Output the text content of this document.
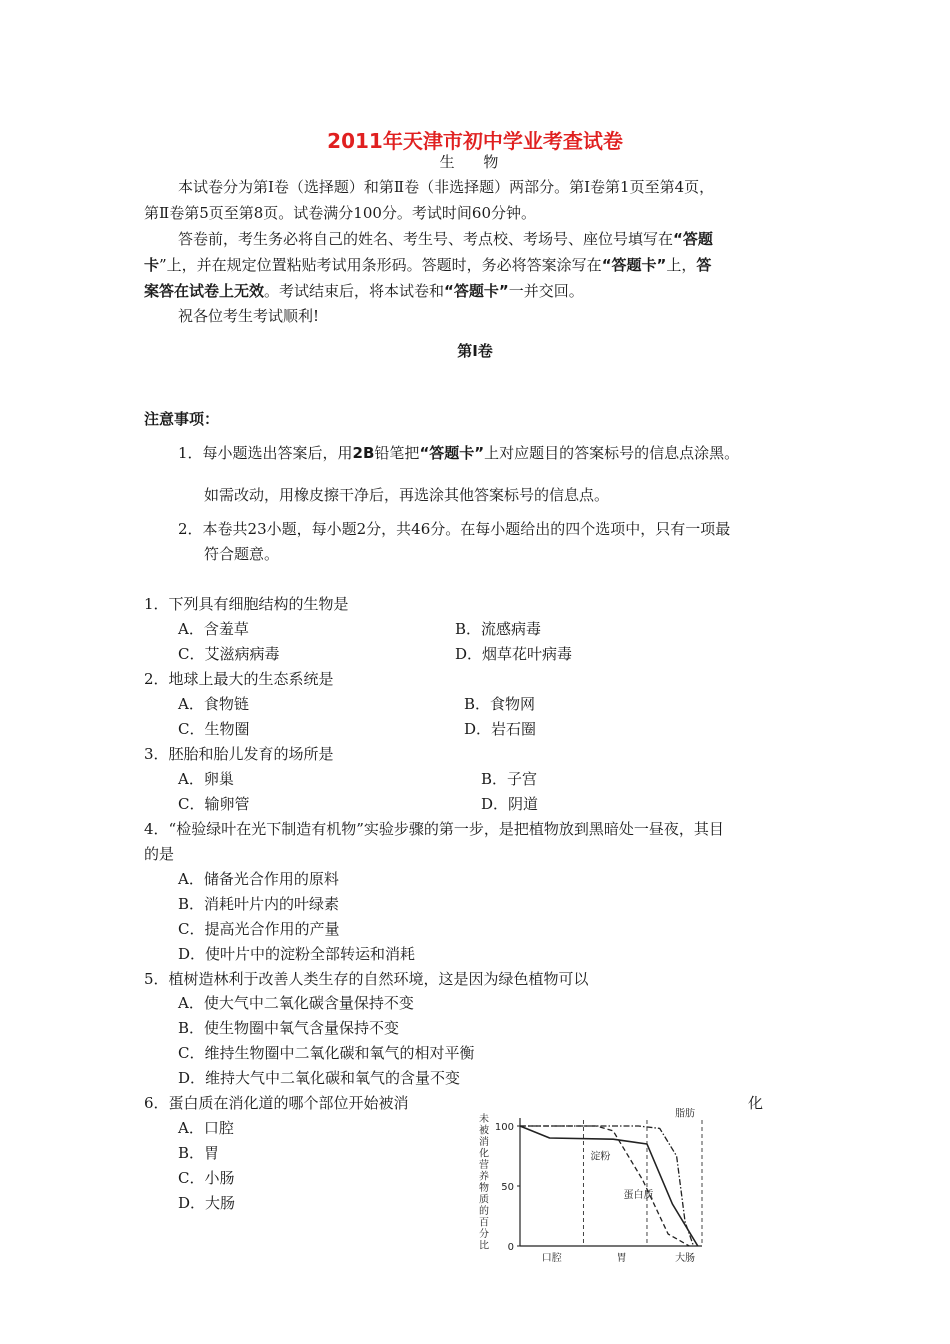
2011年天津市初中学业考查试卷
生 物
本试卷分为第Ⅰ卷（选择题）和第Ⅱ卷（非选择题）两部分。第Ⅰ卷第1页至第4页，
第Ⅱ卷第5页至第8页。试卷满分100分。考试时间60分钟。
答卷前，考生务必将自己的姓名、考生号、考点校、考场号、座位号填写在“答题
卡”上，并在规定位置粘贴考试用条形码。答题时，务必将答案涂写在“答题卡”上，答
案答在试卷上无效。考试结束后，将本试卷和“答题卡”一并交回。
祝各位考生考试顺利!
第Ⅰ卷
注意事项：
1．每小题选出答案后，用2B铅笔把“答题卡”上对应题目的答案标号的信息点涂黑。
如需改动，用橡皮擦干净后，再选涂其他答案标号的信息点。
2．本卷共23小题，每小题2分，共46分。在每小题给出的四个选项中，只有一项最
符合题意。
1．下列具有细胞结构的生物是
A．含羞草	B．流感病毒
C．艾滋病病毒	D．烟草花叶病毒
2．地球上最大的生态系统是
A．食物链	B．食物网
C．生物圈	D．岩石圈
3．胚胎和胎儿发育的场所是
A．卵巢	B．子宫
C．输卵管	D．阴道
4．“检验绿叶在光下制造有机物”实验步骤的第一步，是把植物放到黑暗处一昼夜，其目
的是
A．储备光合作用的原料
B．消耗叶片内的叶绿素
C．提高光合作用的产量
D．使叶片中的淀粉全部转运和消耗
5．植树造林利于改善人类生存的自然环境，这是因为绿色植物可以
A．使大气中二氧化碳含量保持不变
B．使生物圈中氧气含量保持不变
C．维持生物圈中二氧化碳和氧气的相对平衡
D．维持大气中二氧化碳和氧气的含量不变
6．蛋白质在消化道的哪个部位开始被消	化
A．口腔
B．胃
C．小肠
D．大肠
未
被
消
化
营
养
物
质
的
百
分
比
100
50
0
口腔	胃	大肠
淀粉
蛋白质
脂肪
